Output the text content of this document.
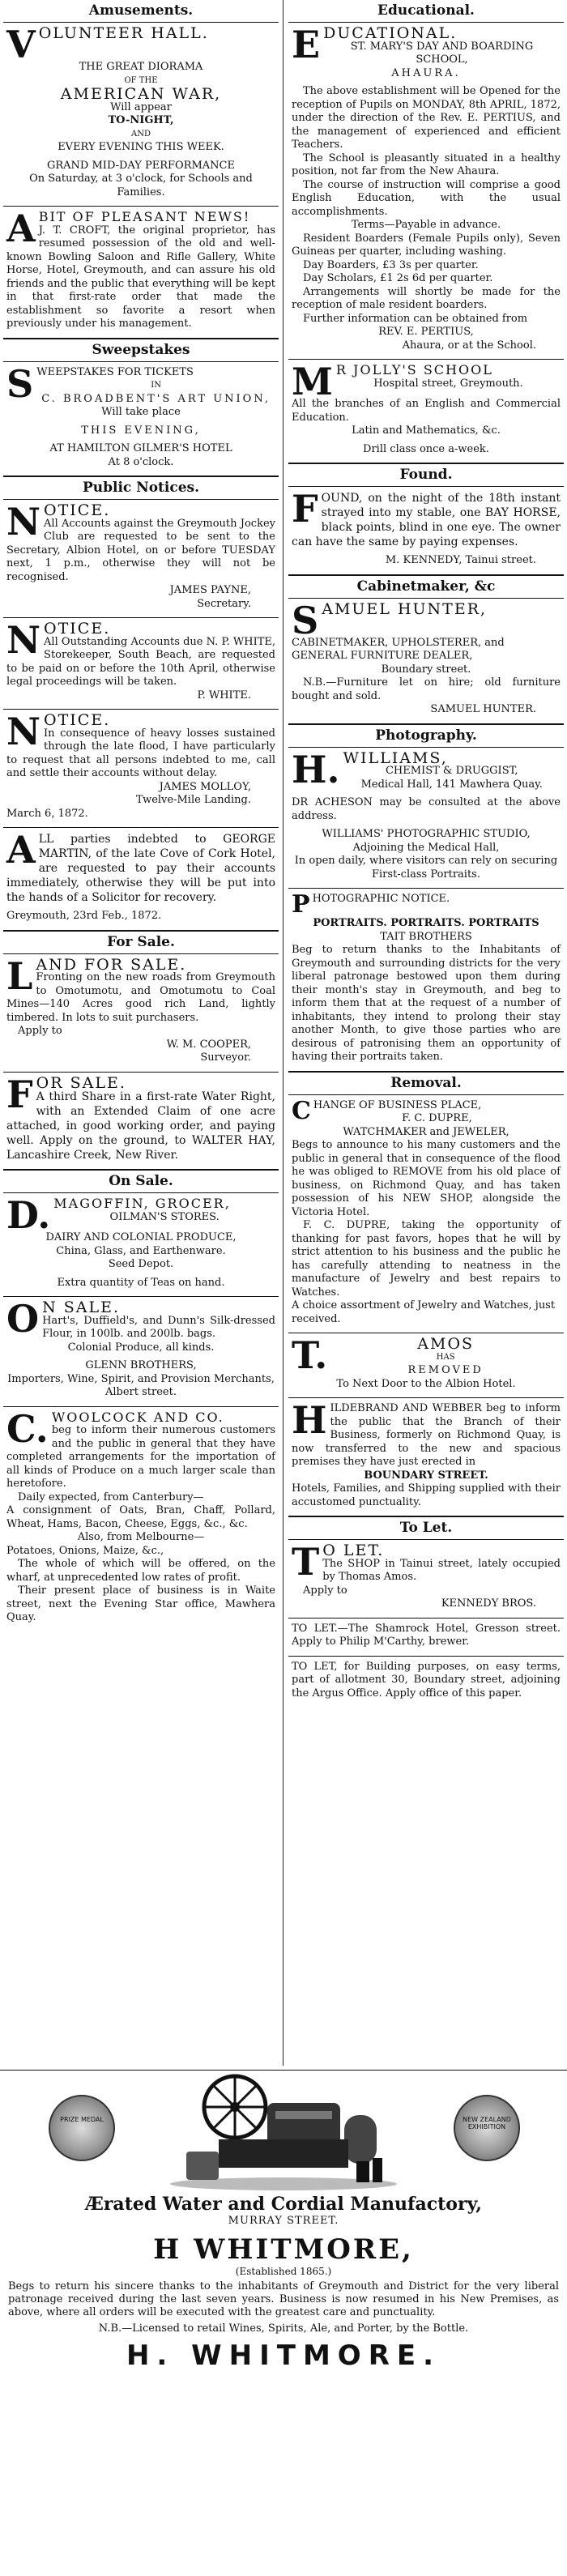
Amusements.
V OLUNTEER HALL.
THE GREAT DIORAMA
OF THE
AMERICAN WAR,
Will appear
TO-NIGHT,
AND
EVERY EVENING THIS WEEK.
GRAND MID-DAY PERFORMANCE
On Saturday, at 3 o'clock, for Schools and Families.
A BIT OF PLEASANT NEWS!
J. T. CROFT, the original proprietor, has resumed possession of the old and well-known Bowling Saloon and Rifle Gallery, White Horse, Hotel, Greymouth, and can assure his old friends and the public that everything will be kept in that first-rate order that made the establishment so favorite a resort when previously under his management.
Sweepstakes
S WEEPSTAKES FOR TICKETS
IN
C. BROADBENT'S ART UNION,
Will take place
THIS EVENING,
AT HAMILTON GILMER'S HOTEL
At 8 o'clock.
Public Notices.
N OTICE.
All Accounts against the Greymouth Jockey Club are requested to be sent to the Secretary, Albion Hotel, on or before TUESDAY next, 1 p.m., otherwise they will not be recognised.
JAMES PAYNE,
Secretary.
N OTICE.
All Outstanding Accounts due N. P. WHITE, Storekeeper, South Beach, are requested to be paid on or before the 10th April, otherwise legal proceedings will be taken.
P. WHITE.
N OTICE.
In consequence of heavy losses sustained through the late flood, I have particularly to request that all persons indebted to me, call and settle their accounts without delay.
JAMES MOLLOY,
Twelve-Mile Landing.
March 6, 1872.
A LL parties indebted to GEORGE MARTIN, of the late Cove of Cork Hotel, are requested to pay their accounts immediately, otherwise they will be put into the hands of a Solicitor for recovery.
Greymouth, 23rd Feb., 1872.
For Sale.
L AND FOR SALE.
Fronting on the new roads from Greymouth to Omotumotu, and Omotumotu to Coal Mines—140 Acres good rich Land, lightly timbered. In lots to suit purchasers.
Apply to
W. M. COOPER,
Surveyor.
F OR SALE.
A third Share in a first-rate Water Right, with an Extended Claim of one acre attached, in good working order, and paying well. Apply on the ground, to WALTER HAY, Lancashire Creek, New River.
On Sale.
D. MAGOFFIN, GROCER,
OILMAN'S STORES.
DAIRY AND COLONIAL PRODUCE,
China, Glass, and Earthenware.
Seed Depot.
Extra quantity of Teas on hand.
O N SALE.
Hart's, Duffield's, and Dunn's Silk-dressed Flour, in 100lb. and 200lb. bags.
Colonial Produce, all kinds.
GLENN BROTHERS,
Importers, Wine, Spirit, and Provision Merchants, Albert street.
C. WOOLCOCK AND CO.
beg to inform their numerous customers and the public in general that they have completed arrangements for the importation of all kinds of Produce on a much larger scale than heretofore.
Daily expected, from Canterbury—
A consignment of Oats, Bran, Chaff, Pollard, Wheat, Hams, Bacon, Cheese, Eggs, &c., &c.
Also, from Melbourne—
Potatoes, Onions, Maize, &c.,
The whole of which will be offered, on the wharf, at unprecedented low rates of profit.
Their present place of business is in Waite street, next the Evening Star office, Mawhera Quay.
Educational.
E DUCATIONAL.
ST. MARY'S DAY AND BOARDING SCHOOL,
AHAURA.
The above establishment will be Opened for the reception of Pupils on MONDAY, 8th APRIL, 1872, under the direction of the Rev. E. PERTIUS, and the management of experienced and efficient Teachers.
The School is pleasantly situated in a healthy position, not far from the New Ahaura.
The course of instruction will comprise a good English Education, with the usual accomplishments.
Terms—Payable in advance.
Resident Boarders (Female Pupils only), Seven Guineas per quarter, including washing.
Day Boarders, £3 3s per quarter.
Day Scholars, £1 2s 6d per quarter.
Arrangements will shortly be made for the reception of male resident boarders.
Further information can be obtained from
REV. E. PERTIUS,
Ahaura, or at the School.
M R JOLLY'S SCHOOL
Hospital street, Greymouth.
All the branches of an English and Commercial Education.
Latin and Mathematics, &c.
Drill class once a-week.
Found.
F OUND, on the night of the 18th instant strayed into my stable, one BAY HORSE, black points, blind in one eye. The owner can have the same by paying expenses.
M. KENNEDY, Tainui street.
Cabinetmaker, &c
S AMUEL HUNTER,
CABINETMAKER, UPHOLSTERER, and GENERAL FURNITURE DEALER,
Boundary street.
N.B.—Furniture let on hire; old furniture bought and sold.
SAMUEL HUNTER.
Photography.
H. WILLIAMS,
CHEMIST & DRUGGIST,
Medical Hall, 141 Mawhera Quay.
DR ACHESON may be consulted at the above address.
WILLIAMS' PHOTOGRAPHIC STUDIO,
Adjoining the Medical Hall,
In open daily, where visitors can rely on securing First-class Portraits.
P HOTOGRAPHIC NOTICE.
PORTRAITS. PORTRAITS. PORTRAITS
TAIT BROTHERS
Beg to return thanks to the Inhabitants of Greymouth and surrounding districts for the very liberal patronage bestowed upon them during their month's stay in Greymouth, and beg to inform them that at the request of a number of inhabitants, they intend to prolong their stay another Month, to give those parties who are desirous of patronising them an opportunity of having their portraits taken.
Removal.
C HANGE OF BUSINESS PLACE,
F. C. DUPRE,
WATCHMAKER and JEWELER,
Begs to announce to his many customers and the public in general that in consequence of the flood he was obliged to REMOVE from his old place of business, on Richmond Quay, and has taken possession of his NEW SHOP, alongside the Victoria Hotel.
F. C. DUPRE, taking the opportunity of thanking for past favors, hopes that he will by strict attention to his business and the public he has carefully attending to neatness in the manufacture of Jewelry and best repairs to Watches.
A choice assortment of Jewelry and Watches, just received.
T.	AMOS
HAS
REMOVED
To Next Door to the Albion Hotel.
H ILDEBRAND AND WEBBER beg to inform the public that the Branch of their Business, formerly on Richmond Quay, is now transferred to the new and spacious premises they have just erected in
BOUNDARY STREET.
Hotels, Families, and Shipping supplied with their accustomed punctuality.
To Let.
T O LET.
The SHOP in Tainui street, lately occupied by Thomas Amos.
Apply to
KENNEDY BROS.
TO LET.—The Shamrock Hotel, Gresson street. Apply to Philip M'Carthy, brewer.
TO LET, for Building purposes, on easy terms, part of allotment 30, Boundary street, adjoining the Argus Office. Apply office of this paper.
PRIZE MEDAL	NEW ZEALAND EXHIBITION
Ærated Water and Cordial Manufactory,
MURRAY STREET.
H WHITMORE,
(Established 1865.)
Begs to return his sincere thanks to the inhabitants of Greymouth and District for the very liberal patronage received during the last seven years. Business is now resumed in his New Premises, as above, where all orders will be executed with the greatest care and punctuality.
N.B.—Licensed to retail Wines, Spirits, Ale, and Porter, by the Bottle.
H. WHITMORE.
